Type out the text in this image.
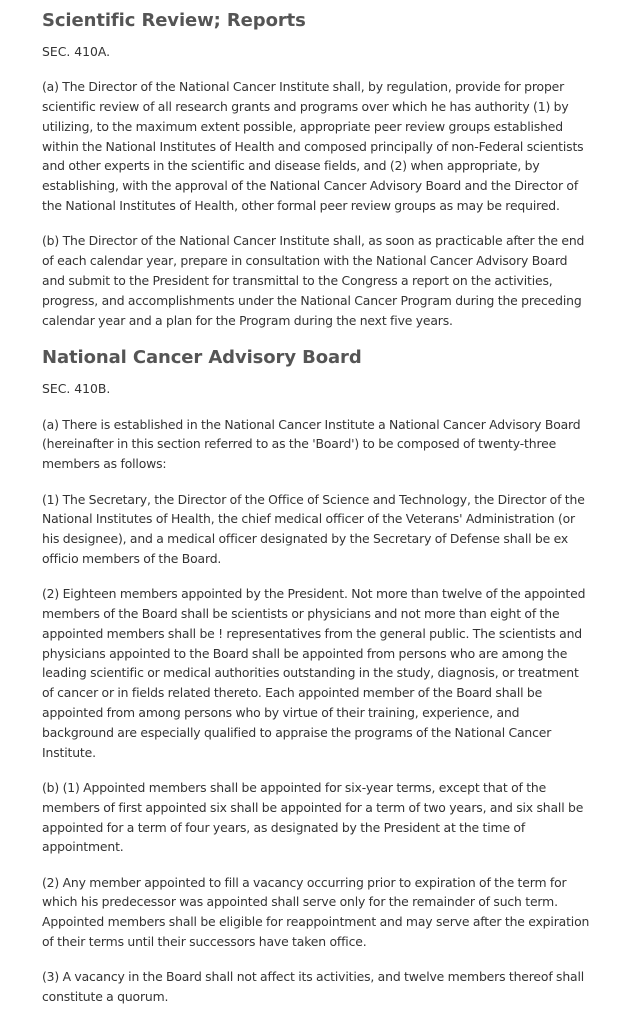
Scientific Review; Reports
SEC. 410A.

(a) The Director of the National Cancer Institute shall, by regulation, provide for proper scientific review of all research grants and programs over which he has authority (1) by utilizing, to the maximum extent possible, appropriate peer review groups established within the National Institutes of Health and composed principally of non-Federal scientists and other experts in the scientific and disease fields, and (2) when appropriate, by establishing, with the approval of the National Cancer Advisory Board and the Director of the National Institutes of Health, other formal peer review groups as may be required.

(b) The Director of the National Cancer Institute shall, as soon as practicable after the end of each calendar year, prepare in consultation with the National Cancer Advisory Board and submit to the President for transmittal to the Congress a report on the activities, progress, and accomplishments under the National Cancer Program during the preceding calendar year and a plan for the Program during the next five years.

National Cancer Advisory Board
SEC. 410B.

(a) There is established in the National Cancer Institute a National Cancer Advisory Board (hereinafter in this section referred to as the 'Board') to be composed of twenty-three members as follows:

(1) The Secretary, the Director of the Office of Science and Technology, the Director of the National Institutes of Health, the chief medical officer of the Veterans' Administration (or his designee), and a medical officer designated by the Secretary of Defense shall be ex officio members of the Board.

(2) Eighteen members appointed by the President. Not more than twelve of the appointed members of the Board shall be scientists or physicians and not more than eight of the appointed members shall be ! representatives from the general public. The scientists and physicians appointed to the Board shall be appointed from persons who are among the leading scientific or medical authorities outstanding in the study, diagnosis, or treatment of cancer or in fields related thereto. Each appointed member of the Board shall be appointed from among persons who by virtue of their training, experience, and background are especially qualified to appraise the programs of the National Cancer Institute.

(b) (1) Appointed members shall be appointed for six-year terms, except that of the members of first appointed six shall be appointed for a term of two years, and six shall be appointed for a term of four years, as designated by the President at the time of appointment.

(2) Any member appointed to fill a vacancy occurring prior to expiration of the term for which his predecessor was appointed shall serve only for the remainder of such term. Appointed members shall be eligible for reappointment and may serve after the expiration of their terms until their successors have taken office.

(3) A vacancy in the Board shall not affect its activities, and twelve members thereof shall constitute a quorum.
